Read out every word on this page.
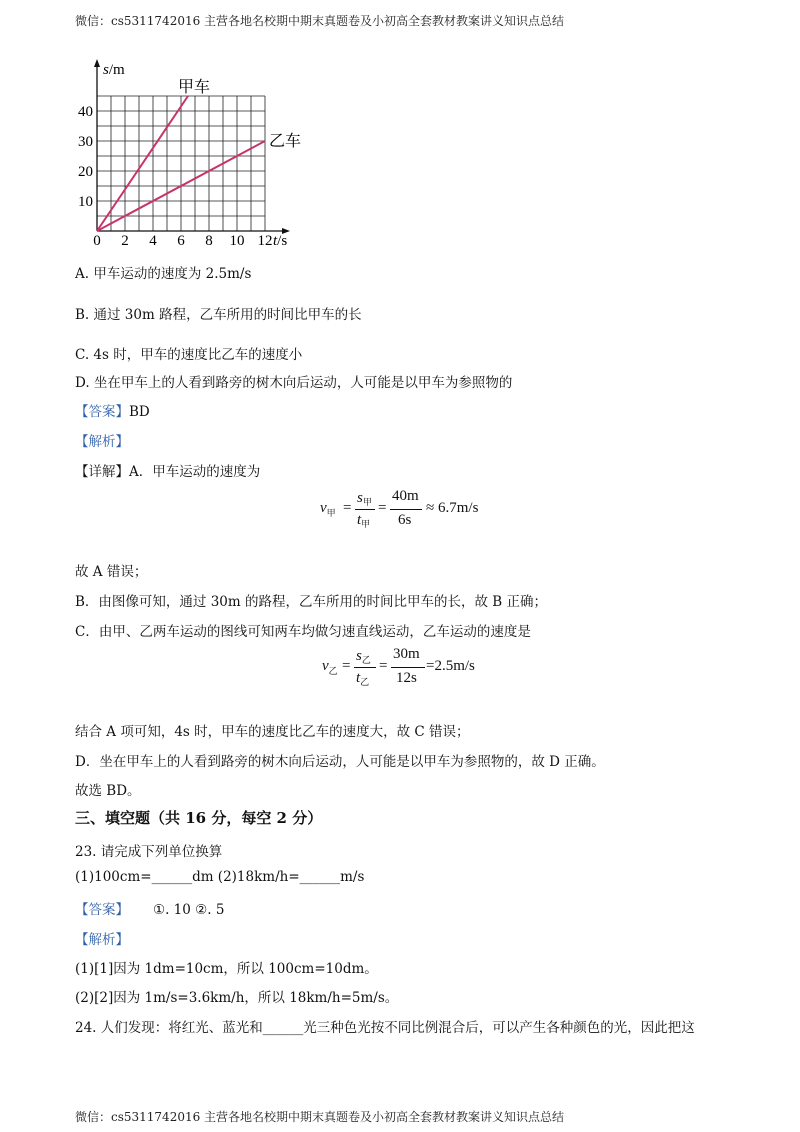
微信：cs5311742016 主营各地名校期中期末真题卷及小初高全套教材教案讲义知识点总结
0 2 4 6 8 10 12
10
20
30
40
s/m
t/s
甲车
乙车
A. 甲车运动的速度为 2.5m/s
B. 通过 30m 路程，乙车所用的时间比甲车的长
C. 4s 时，甲车的速度比乙车的速度小
D. 坐在甲车上的人看到路旁的树木向后运动，人可能是以甲车为参照物的
【答案】BD
【解析】
【详解】A．甲车运动的速度为
$v_甲$ =
$s_甲$
$t_甲$
=
40m
6s
≈ 6.7m/s
故 A 错误；
B．由图像可知，通过 30m 的路程，乙车所用的时间比甲车的长，故 B 正确；
C．由甲、乙两车运动的图线可知两车均做匀速直线运动，乙车运动的速度是
$v_乙$ =
$s_乙$
$t_乙$
=
30m
12s
=2.5m/s
结合 A 项可知，4s 时，甲车的速度比乙车的速度大，故 C 错误；
D．坐在甲车上的人看到路旁的树木向后运动，人可能是以甲车为参照物的，故 D 正确。
故选 BD。
三、填空题（共 16 分，每空 2 分）
23. 请完成下列单位换算
(1)100cm=______dm (2)18km/h=______m/s
【答案】 ①. 10 ②. 5
【解析】
(1)[1]因为 1dm=10cm，所以 100cm=10dm。
(2)[2]因为 1m/s=3.6km/h，所以 18km/h=5m/s。
24. 人们发现：将红光、蓝光和______光三种色光按不同比例混合后，可以产生各种颜色的光，因此把这
微信：cs5311742016 主营各地名校期中期末真题卷及小初高全套教材教案讲义知识点总结
